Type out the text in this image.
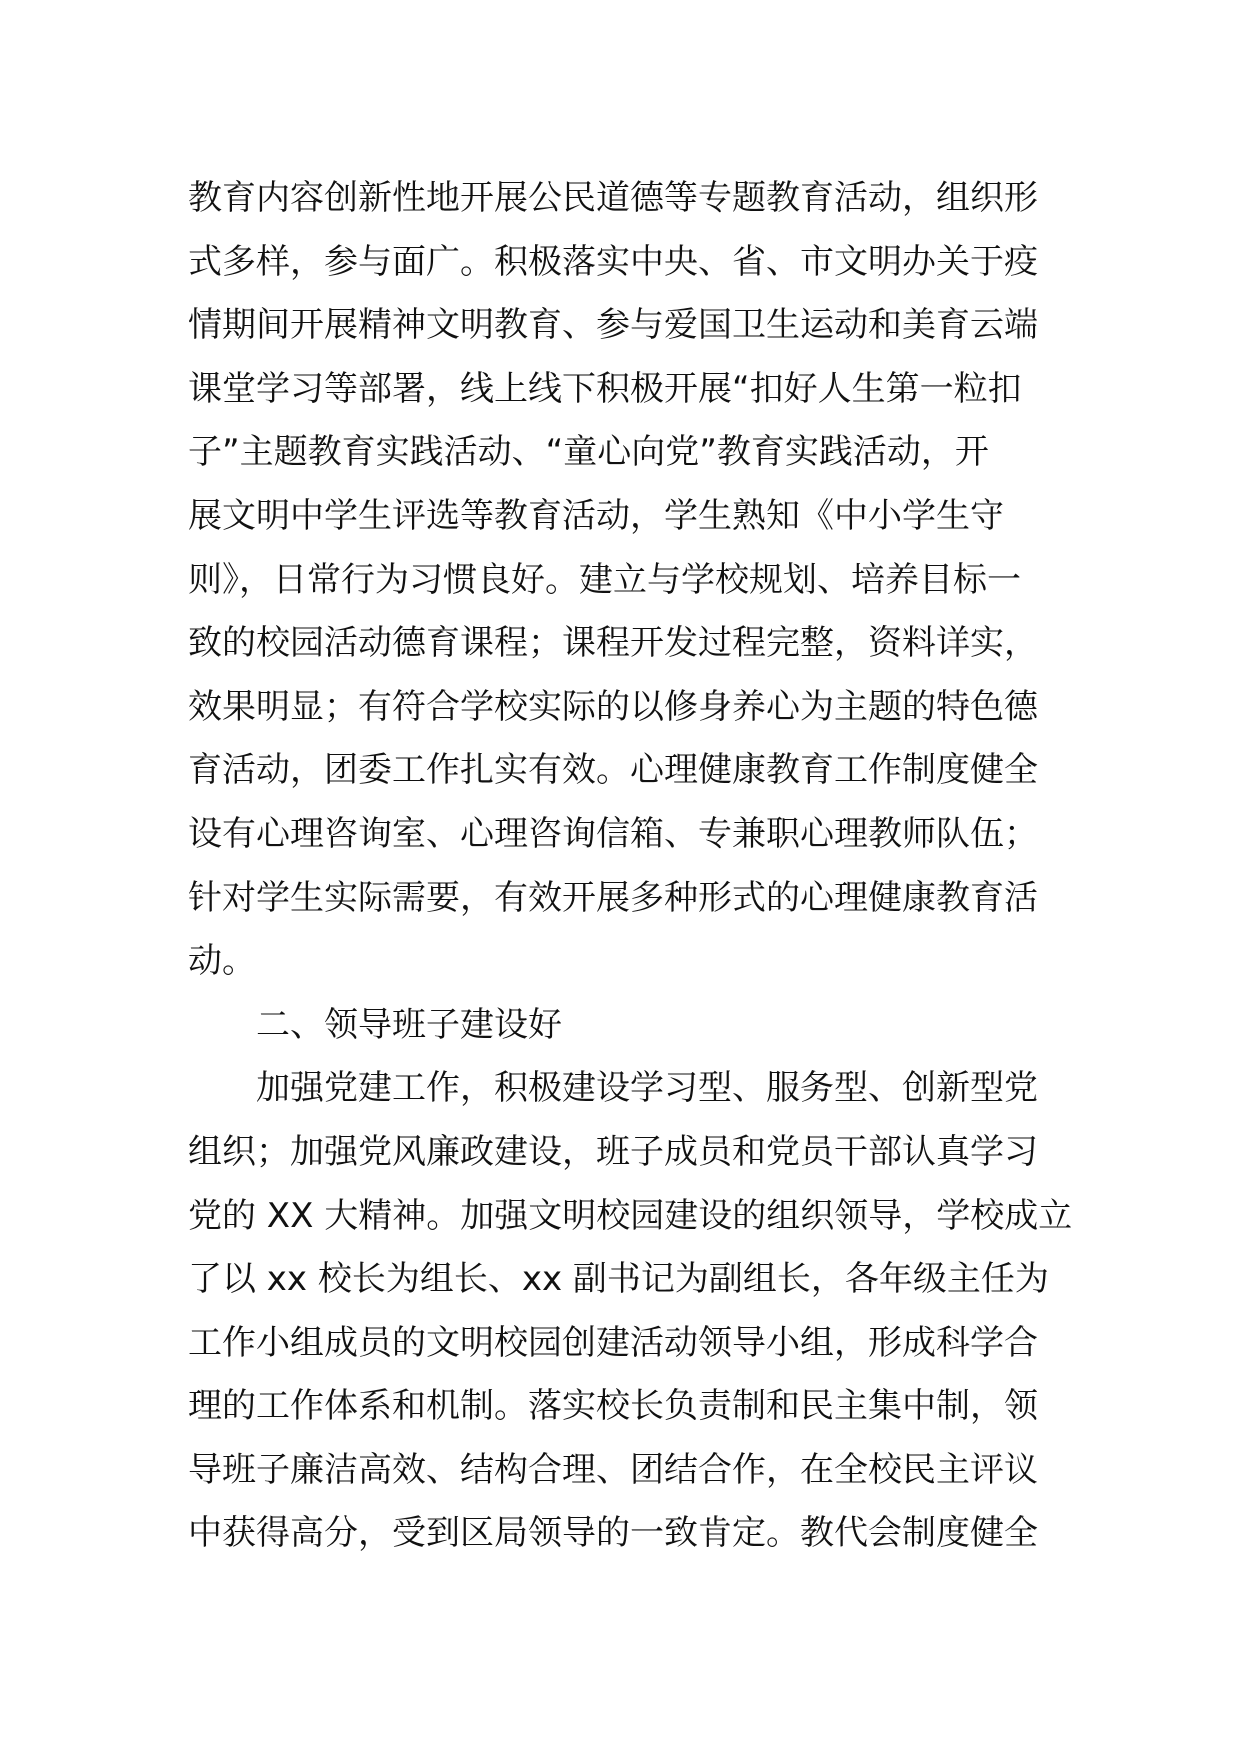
教育内容创新性地开展公民道德等专题教育活动，组织形
式多样，参与面广。积极落实中央、省、市文明办关于疫
情期间开展精神文明教育、参与爱国卫生运动和美育云端
课堂学习等部署，线上线下积极开展“扣好人生第一粒扣
子”主题教育实践活动、“童心向党”教育实践活动，开
展文明中学生评选等教育活动，学生熟知《中小学生守
则》，日常行为习惯良好。建立与学校规划、培养目标一
致的校园活动德育课程；课程开发过程完整，资料详实，
效果明显；有符合学校实际的以修身养心为主题的特色德
育活动，团委工作扎实有效。心理健康教育工作制度健全
设有心理咨询室、心理咨询信箱、专兼职心理教师队伍；
针对学生实际需要，有效开展多种形式的心理健康教育活
动。
二、领导班子建设好
加强党建工作，积极建设学习型、服务型、创新型党
组织；加强党风廉政建设，班子成员和党员干部认真学习
党的 XX 大精神。加强文明校园建设的组织领导，学校成立
了以 xx 校长为组长、xx 副书记为副组长，各年级主任为
工作小组成员的文明校园创建活动领导小组，形成科学合
理的工作体系和机制。落实校长负责制和民主集中制，领
导班子廉洁高效、结构合理、团结合作，在全校民主评议
中获得高分，受到区局领导的一致肯定。教代会制度健全
